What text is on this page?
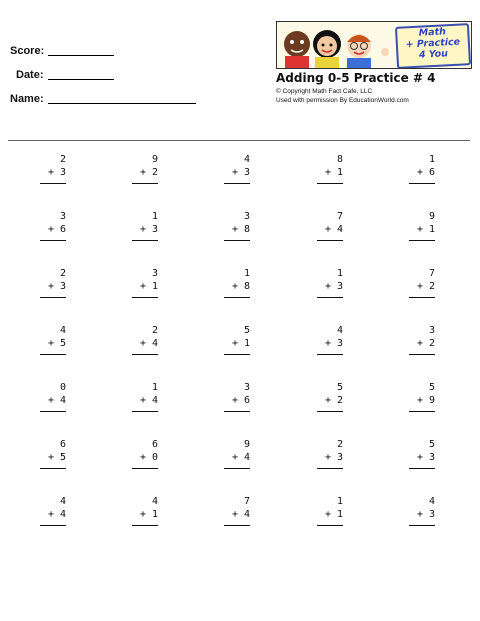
Score:
Date:
Name:
Math
+ Practice
4 You
Adding 0-5 Practice # 4
© Copyright Math Fact Cafe, LLC
Used with permission By EducationWorld.com
2
+ 3
9
+ 2
4
+ 3
8
+ 1
1
+ 6
3
+ 6
1
+ 3
3
+ 8
7
+ 4
9
+ 1
2
+ 3
3
+ 1
1
+ 8
1
+ 3
7
+ 2
4
+ 5
2
+ 4
5
+ 1
4
+ 3
3
+ 2
0
+ 4
1
+ 4
3
+ 6
5
+ 2
5
+ 9
6
+ 5
6
+ 0
9
+ 4
2
+ 3
5
+ 3
4
+ 4
4
+ 1
7
+ 4
1
+ 1
4
+ 3
